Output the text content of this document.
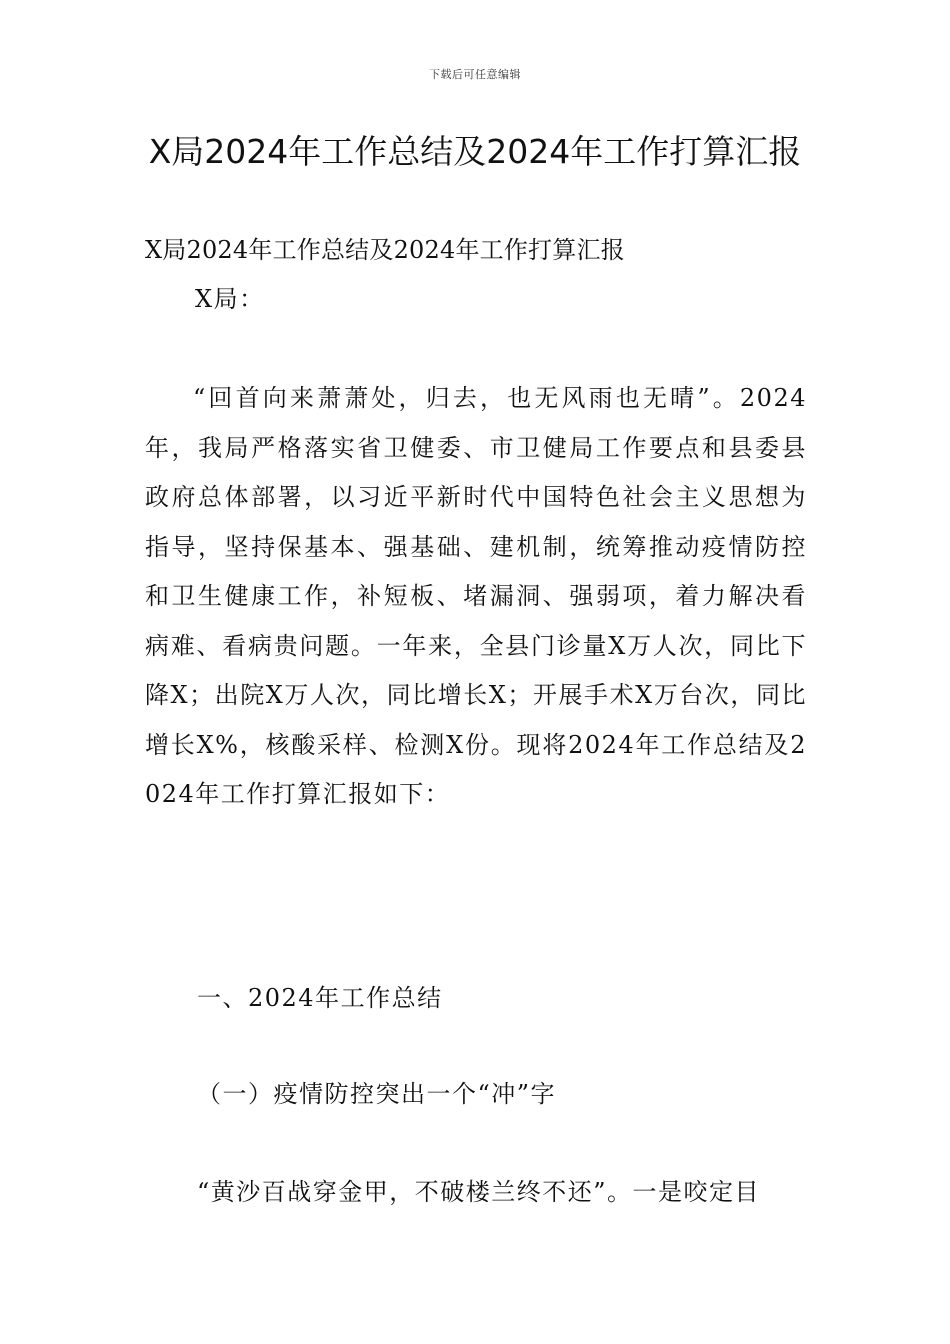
下载后可任意编辑
X局2024年工作总结及2024年工作打算汇报

X局2024年工作总结及2024年工作打算汇报

X局：

“回首向来萧萧处，归去，也无风雨也无晴”。2024年，我局严格落实省卫健委、市卫健局工作要点和县委县政府总体部署，以习近平新时代中国特色社会主义思想为指导，坚持保基本、强基础、建机制，统筹推动疫情防控和卫生健康工作，补短板、堵漏洞、强弱项，着力解决看病难、看病贵问题。一年来，全县门诊量X万人次，同比下降X；出院X万人次，同比增长X；开展手术X万台次，同比增长X%，核酸采样、检测X份。现将2024年工作总结及2024年工作打算汇报如下：

一、2024年工作总结

（一）疫情防控突出一个“冲”字

“黄沙百战穿金甲，不破楼兰终不还”。一是咬定目
